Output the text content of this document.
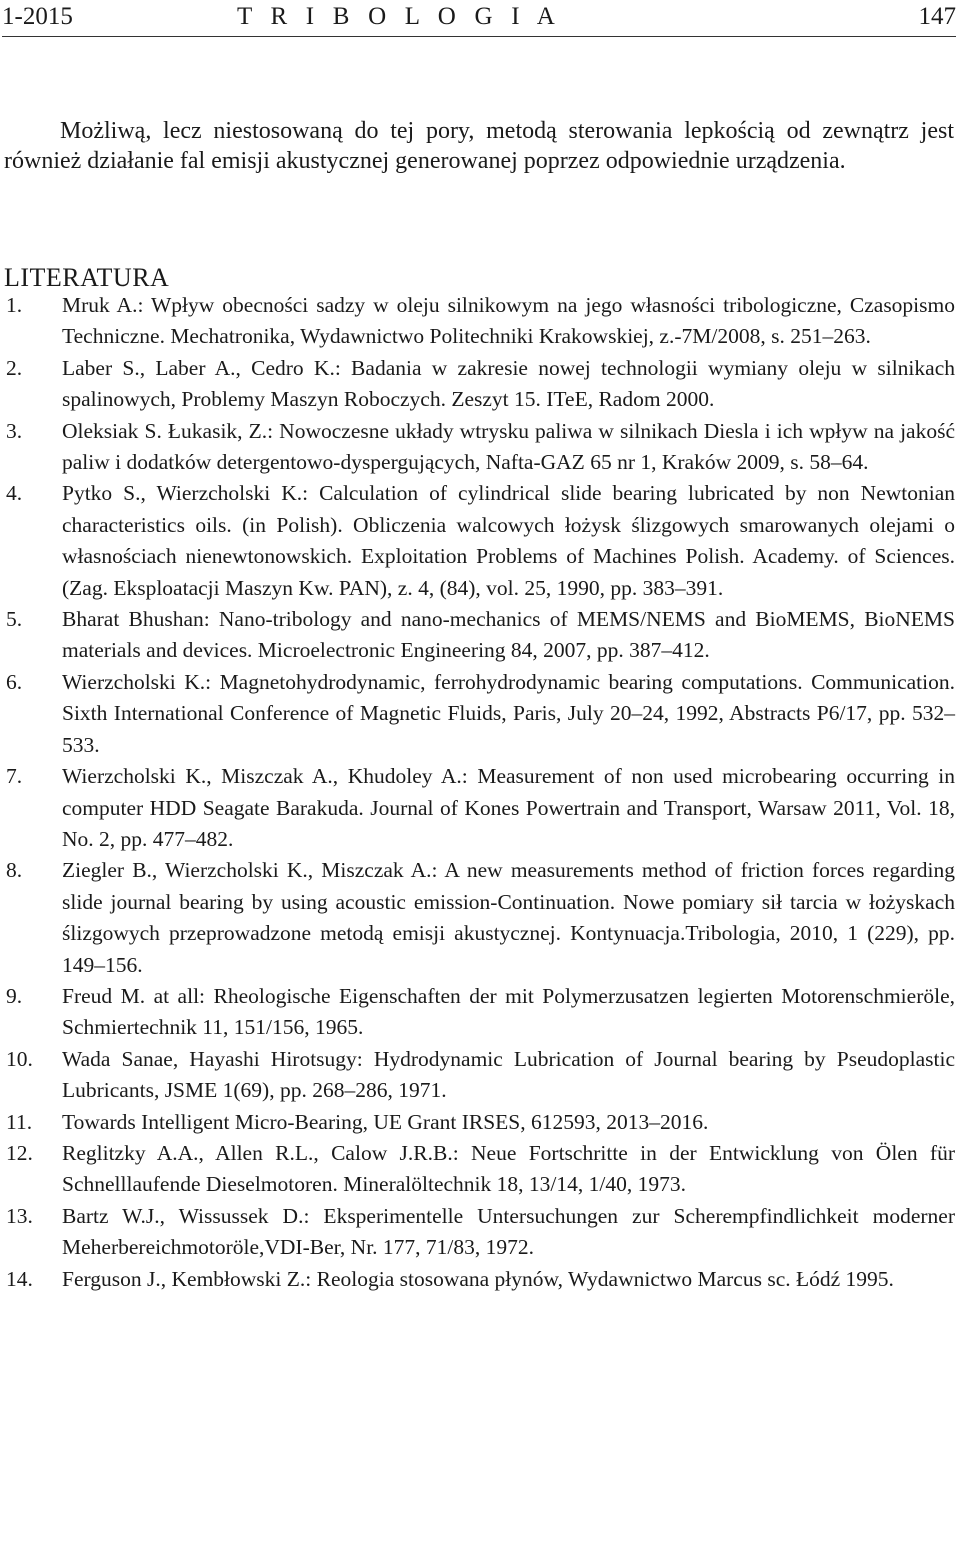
1-2015	T R I B O L O G I A	147

Możliwą, lecz niestosowaną do tej pory, metodą sterowania lepkością od zewnątrz jest również działanie fal emisji akustycznej generowanej poprzez odpowiednie urządzenia.

LITERATURA
1. Mruk A.: Wpływ obecności sadzy w oleju silnikowym na jego własności tribologiczne, Czasopismo Techniczne. Mechatronika, Wydawnictwo Politechniki Krakowskiej, z.-7M/2008, s. 251–263.
2. Laber S., Laber A., Cedro K.: Badania w zakresie nowej technologii wymiany oleju w silnikach spalinowych, Problemy Maszyn Roboczych. Zeszyt 15. ITeE, Radom 2000.
3. Oleksiak S. Łukasik, Z.: Nowoczesne układy wtrysku paliwa w silnikach Diesla i ich wpływ na jakość paliw i dodatków detergentowo-dyspergujących, Nafta-GAZ 65 nr 1, Kraków 2009, s. 58–64.
4. Pytko S., Wierzcholski K.: Calculation of cylindrical slide bearing lubricated by non Newtonian characteristics oils. (in Polish). Obliczenia walcowych łożysk ślizgowych smarowanych olejami o własnościach nienewtonowskich. Exploitation Problems of Machines Polish. Academy. of Sciences. (Zag. Eksploatacji Maszyn Kw. PAN), z. 4, (84), vol. 25, 1990, pp. 383–391.
5. Bharat Bhushan: Nano-tribology and nano-mechanics of MEMS/NEMS and BioMEMS, BioNEMS materials and devices. Microelectronic Engineering 84, 2007, pp. 387–412.
6. Wierzcholski K.: Magnetohydrodynamic, ferrohydrodynamic bearing computations. Communication. Sixth International Conference of Magnetic Fluids, Paris, July 20–24, 1992, Abstracts P6/17, pp. 532–533.
7. Wierzcholski K., Miszczak A., Khudoley A.: Measurement of non used microbearing occurring in computer HDD Seagate Barakuda. Journal of Kones Powertrain and Transport, Warsaw 2011, Vol. 18, No. 2, pp. 477–482.
8. Ziegler B., Wierzcholski K., Miszczak A.: A new measurements method of friction forces regarding slide journal bearing by using acoustic emission-Continuation. Nowe pomiary sił tarcia w łożyskach ślizgowych przeprowadzone metodą emisji akustycznej. Kontynuacja.Tribologia, 2010, 1 (229), pp. 149–156.
9. Freud M. at all: Rheologische Eigenschaften der mit Polymerzusatzen legierten Motorenschmieröle, Schmiertechnik 11, 151/156, 1965.
10. Wada Sanae, Hayashi Hirotsugy: Hydrodynamic Lubrication of Journal bearing by Pseudoplastic Lubricants, JSME 1(69), pp. 268–286, 1971.
11. Towards Intelligent Micro-Bearing, UE Grant IRSES, 612593, 2013–2016.
12. Reglitzky A.A., Allen R.L., Calow J.R.B.: Neue Fortschritte in der Entwicklung von Ölen für Schnelllaufende Dieselmotoren. Mineralöltechnik 18, 13/14, 1/40, 1973.
13. Bartz W.J., Wissussek D.: Eksperimentelle Untersuchungen zur Scherempfindlichkeit moderner Meherbereichmotoröle,VDI-Ber, Nr. 177, 71/83, 1972.
14. Ferguson J., Kembłowski Z.: Reologia stosowana płynów, Wydawnictwo Marcus sc. Łódź 1995.
